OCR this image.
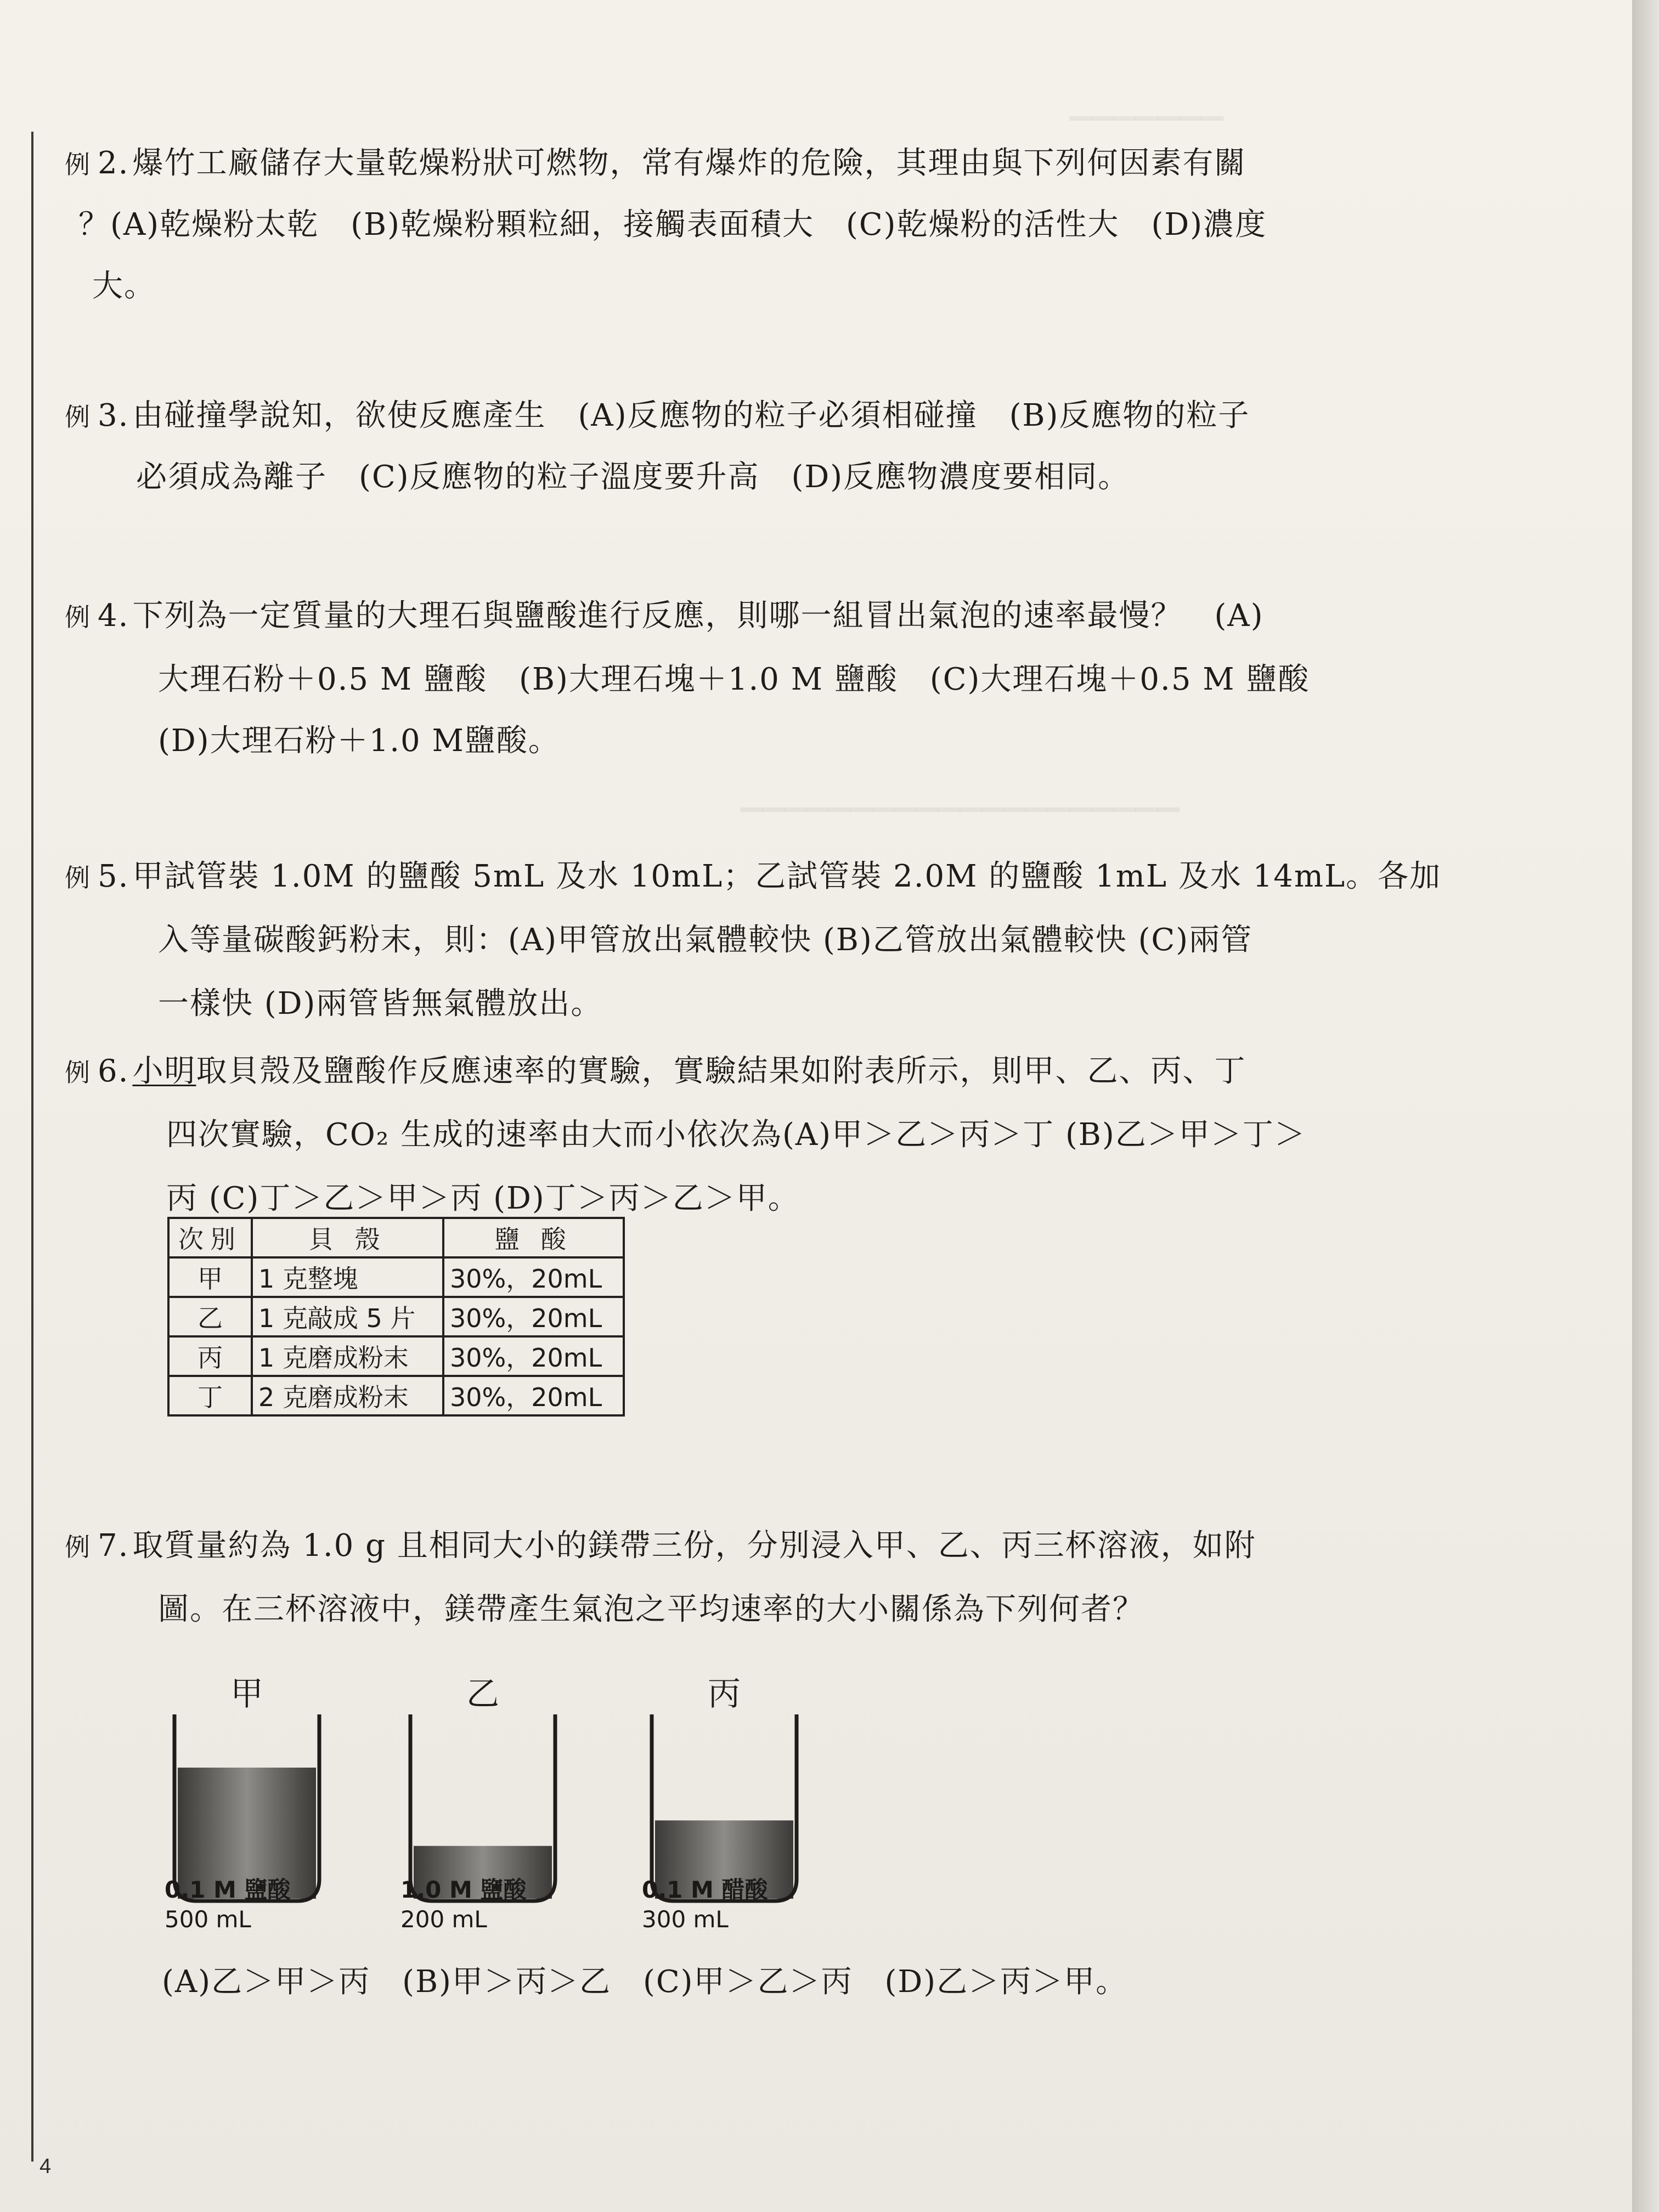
▁▁▁▁▁▁▁
▁▁▁▁▁▁▁▁▁▁▁▁▁▁▁▁▁▁▁▁
例 2. 爆竹工廠儲存大量乾燥粉狀可燃物，常有爆炸的危險，其理由與下列何因素有關
？(A)乾燥粉太乾　(B)乾燥粉顆粒細，接觸表面積大　(C)乾燥粉的活性大　(D)濃度
大。
例 3. 由碰撞學說知，欲使反應產生　(A)反應物的粒子必須相碰撞　(B)反應物的粒子
必須成為離子　(C)反應物的粒子溫度要升高　(D)反應物濃度要相同。
例 4. 下列為一定質量的大理石與鹽酸進行反應，則哪一組冒出氣泡的速率最慢？　(A)
大理石粉＋0.5 M 鹽酸　(B)大理石塊＋1.0 M 鹽酸　(C)大理石塊＋0.5 M 鹽酸
(D)大理石粉＋1.0 M鹽酸。
例 5. 甲試管裝 1.0M 的鹽酸 5mL 及水 10mL；乙試管裝 2.0M 的鹽酸 1mL 及水 14mL。各加
入等量碳酸鈣粉末，則：(A)甲管放出氣體較快 (B)乙管放出氣體較快 (C)兩管
一樣快 (D)兩管皆無氣體放出。
例 6. 小明取貝殼及鹽酸作反應速率的實驗，實驗結果如附表所示，則甲、乙、丙、丁
四次實驗，CO₂ 生成的速率由大而小依次為(A)甲＞乙＞丙＞丁 (B)乙＞甲＞丁＞
丙 (C)丁＞乙＞甲＞丙 (D)丁＞丙＞乙＞甲。
次別	貝 殼	鹽 酸
甲	1 克整塊	30%，20mL
乙	1 克敲成 5 片	30%，20mL
丙	1 克磨成粉末	30%，20mL
丁	2 克磨成粉末	30%，20mL
例 7. 取質量約為 1.0 g 且相同大小的鎂帶三份，分別浸入甲、乙、丙三杯溶液，如附
圖。在三杯溶液中，鎂帶產生氣泡之平均速率的大小關係為下列何者？
甲
0.1 M 鹽酸
500 mL
乙
1.0 M 鹽酸
200 mL
丙
0.1 M 醋酸
300 mL
(A)乙＞甲＞丙　(B)甲＞丙＞乙　(C)甲＞乙＞丙　(D)乙＞丙＞甲。
4
